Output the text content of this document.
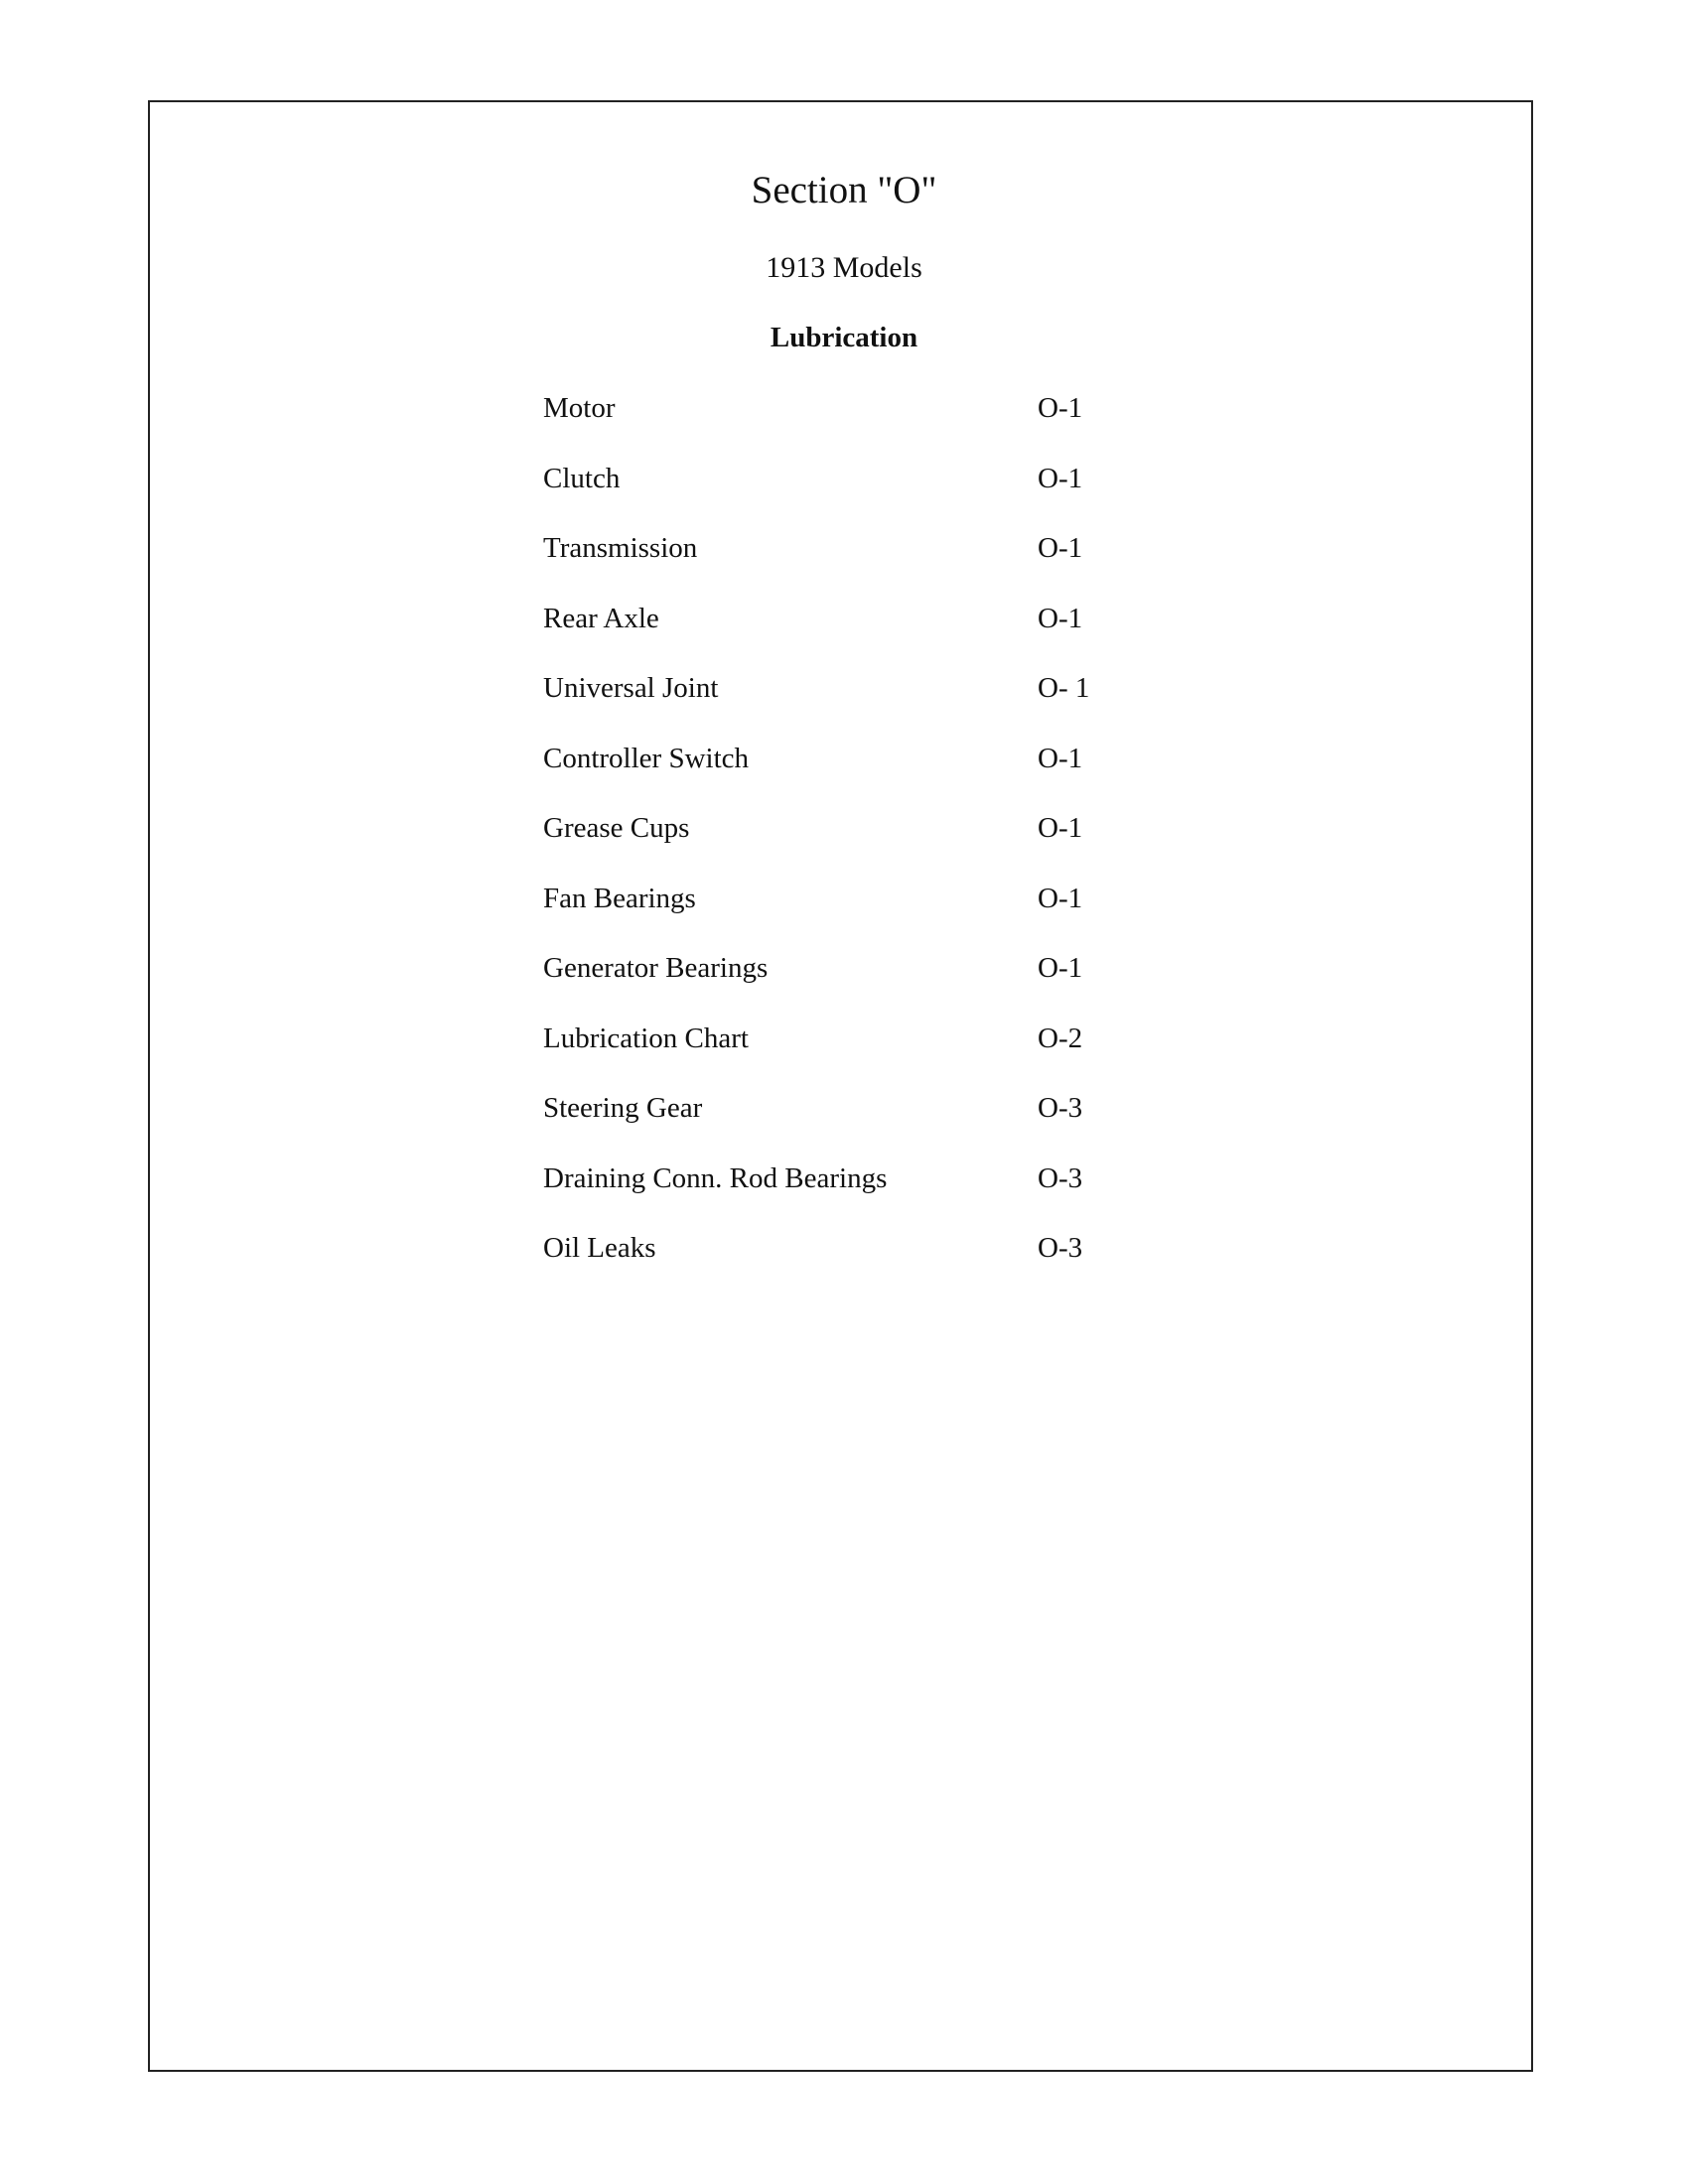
Section "O"
1913 Models
Lubrication
Motor	O-1
Clutch	O-1
Transmission	O-1
Rear Axle	O-1
Universal Joint	O- 1
Controller Switch	O-1
Grease Cups	O-1
Fan Bearings	O-1
Generator Bearings	O-1
Lubrication Chart	O-2
Steering Gear	O-3
Draining Conn. Rod Bearings	O-3
Oil Leaks	O-3
